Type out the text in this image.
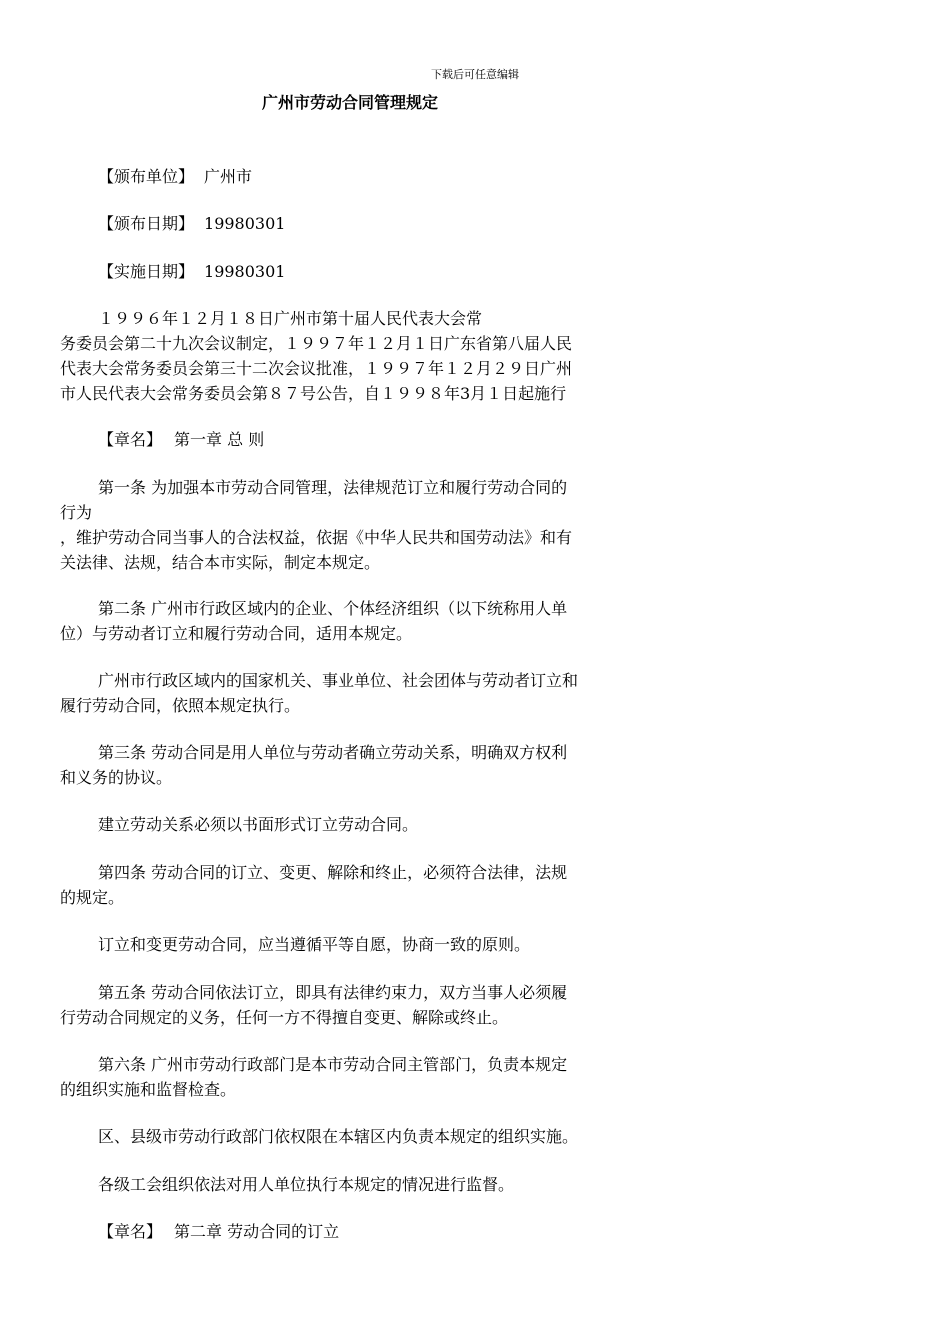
下载后可任意编辑
广州市劳动合同管理规定
【颁布单位】 广州市
【颁布日期】 19980301
【实施日期】 19980301
１９９６年１２月１８日广州市第十届人民代表大会常
务委员会第二十九次会议制定，１９９７年１２月１日广东省第八届人民
代表大会常务委员会第三十二次会议批准，１９９７年１２月２９日广州
市人民代表大会常务委员会第８７号公告，自１９９８年3月１日起施行
【章名】 第一章 总 则
第一条 为加强本市劳动合同管理，法律规范订立和履行劳动合同的
行为
，维护劳动合同当事人的合法权益，依据《中华人民共和国劳动法》和有
关法律、法规，结合本市实际，制定本规定。
第二条 广州市行政区域内的企业、个体经济组织（以下统称用人单
位）与劳动者订立和履行劳动合同，适用本规定。
广州市行政区域内的国家机关、事业单位、社会团体与劳动者订立和
履行劳动合同，依照本规定执行。
第三条 劳动合同是用人单位与劳动者确立劳动关系，明确双方权利
和义务的协议。
建立劳动关系必须以书面形式订立劳动合同。
第四条 劳动合同的订立、变更、解除和终止，必须符合法律，法规
的规定。
订立和变更劳动合同，应当遵循平等自愿，协商一致的原则。
第五条 劳动合同依法订立，即具有法律约束力，双方当事人必须履
行劳动合同规定的义务，任何一方不得擅自变更、解除或终止。
第六条 广州市劳动行政部门是本市劳动合同主管部门，负责本规定
的组织实施和监督检查。
区、县级市劳动行政部门依权限在本辖区内负责本规定的组织实施。
各级工会组织依法对用人单位执行本规定的情况进行监督。
【章名】 第二章 劳动合同的订立
